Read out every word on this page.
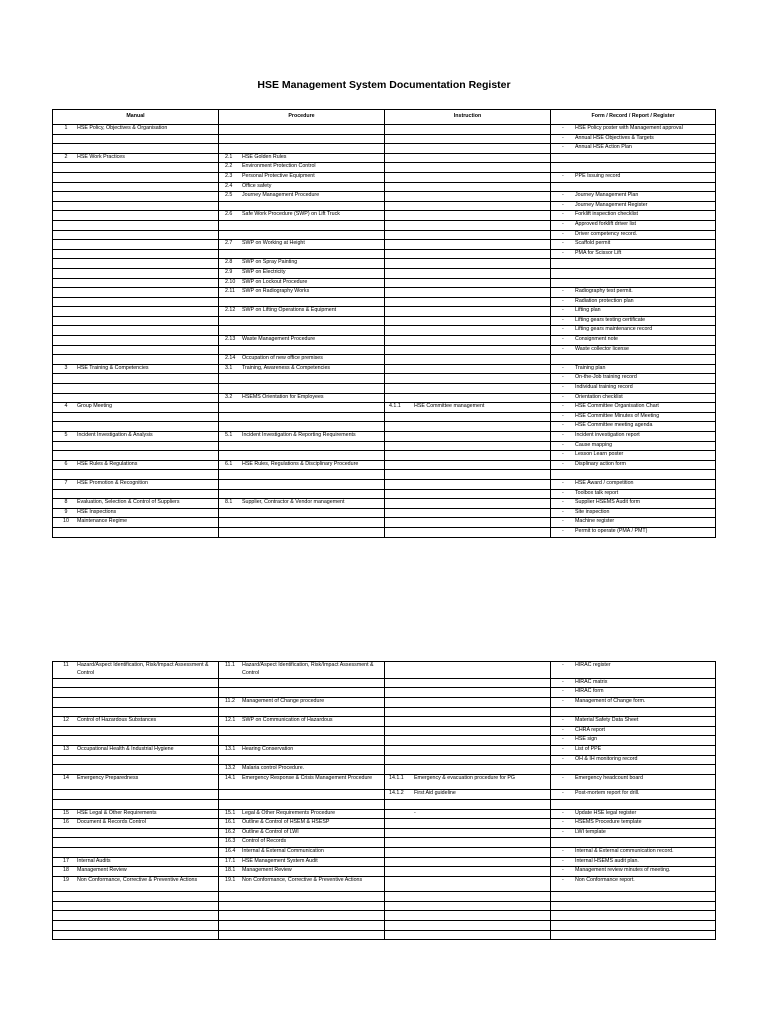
HSE Management System Documentation Register
Manual	Procedure	Instruction	Form / Record / Report / Register
1 HSE Policy, Objectives & Organisation			- HSE Policy poster with Management approval
			- Annual HSE Objectives & Targets
			- Annual HSE Action Plan
2 HSE Work Practices	2.1 HSE Golden Rules		
	2.2 Environment Protection Control		
	2.3 Personal Protective Equipment		- PPE Issuing record
	2.4 Office safety		
	2.5 Journey Management Procedure		- Journey Management Plan
			- Journey Management Register
	2.6 Safe Work Procedure (SWP) on Lift Truck		- Forklift inspection checklist
			- Approved forklift driver list
			- Driver competency record.
	2.7 SWP on Working at Height		- Scaffold permit
			- PMA for Scissor Lift
	2.8 SWP on Spray Painting		
	2.9 SWP on Electricity		
	2.10 SWP on Lockout Procedure		
	2.11 SWP on Radiography Works		- Radiography test permit.
			- Radiation protection plan
	2.12 SWP on Lifting Operations & Equipment		- Lifting plan
			- Lifting gears testing certificate
			- Lifting gears maintenance record
	2.13 Waste Management Procedure		- Consignment note
			- Waste collector license
	2.14 Occupation of new office premises		
3 HSE Training & Competencies	3.1 Training, Awareness & Competencies		- Training plan
			- On-the-Job training record
			- Individual training record
	3.2 HSEMS Orientation for Employees		- Orientation checklist
4 Group Meeting		4.1.1 HSE Committee management	- HSE Committee Organisation Chart
			- HSE Committee Minutes of Meeting
			- HSE Committee meeting agenda
5 Incident Investigation & Analysis	5.1 Incident Investigation & Reporting Requirements		- Incident investigation report
			- Cause mapping
			- Lesson Learn poster
6 HSE Rules & Regulations	6.1 HSE Rules, Regulations & Disciplinary Procedure		- Displinary action form

7 HSE Promotion & Recognition			- HSE Award / competition
			- Toolbox talk report
8 Evaluation, Selection & Control of Suppliers	8.1 Supplier, Contractor & Vendor management		- Supplier HSEMS Audit form
9 HSE Inspections			- Site inspection
10 Maintenance Regime			- Machine register
			- Permit to operate (PMA / PMT)
11 Hazard/Aspect Identification, Risk/Impact Assessment & Control	11.1 Hazard/Aspect Identification, Risk/Impact Assessment & Control		- HIRAC register
			- HIRAC matrix
			- HIRAC form
	11.2 Management of Change procedure		- Management of Change form.

12 Control of Hazardous Substances	12.1 SWP on Communication of Hazardous		- Material Safety Data Sheet
			- CHRA report
			- HSE sign
13 Occupational Health & Industrial Hygiene	13.1 Hearing Conservation		- List of PPE
			- OH & IH monitoring record
	13.2 Malaria control Procedure.		
14 Emergency Preparedness	14.1 Emergency Response & Crisis Management Procedure	14.1.1 Emergency & evacuation procedure for PG	- Emergency headcount board
		14.1.2 First Aid guideline	- Post-mortem report for drill.

15 HSE Legal & Other Requirements	15.1 Legal & Other Requirements Procedure	-	- Update HSE legal register
16 Document & Records Control	16.1 Outline & Control of HSEM & HSESP		- HSEMS Procedure template
	16.2 Outline & Control of LWI		- LWI template
	16.3 Control of Records		
	16.4 Internal & External Communication		- Internal & External communication record.
17 Internal Audits	17.1 HSE Management System Audit		- Internal HSEMS audit plan.
18 Management Review	18.1 Management Review		- Management review minutes of meeting.
19 Non Conformance, Corrective & Preventive Actions	19.1 Non Conformance, Corrective & Preventive Actions		- Non Conformance report.
